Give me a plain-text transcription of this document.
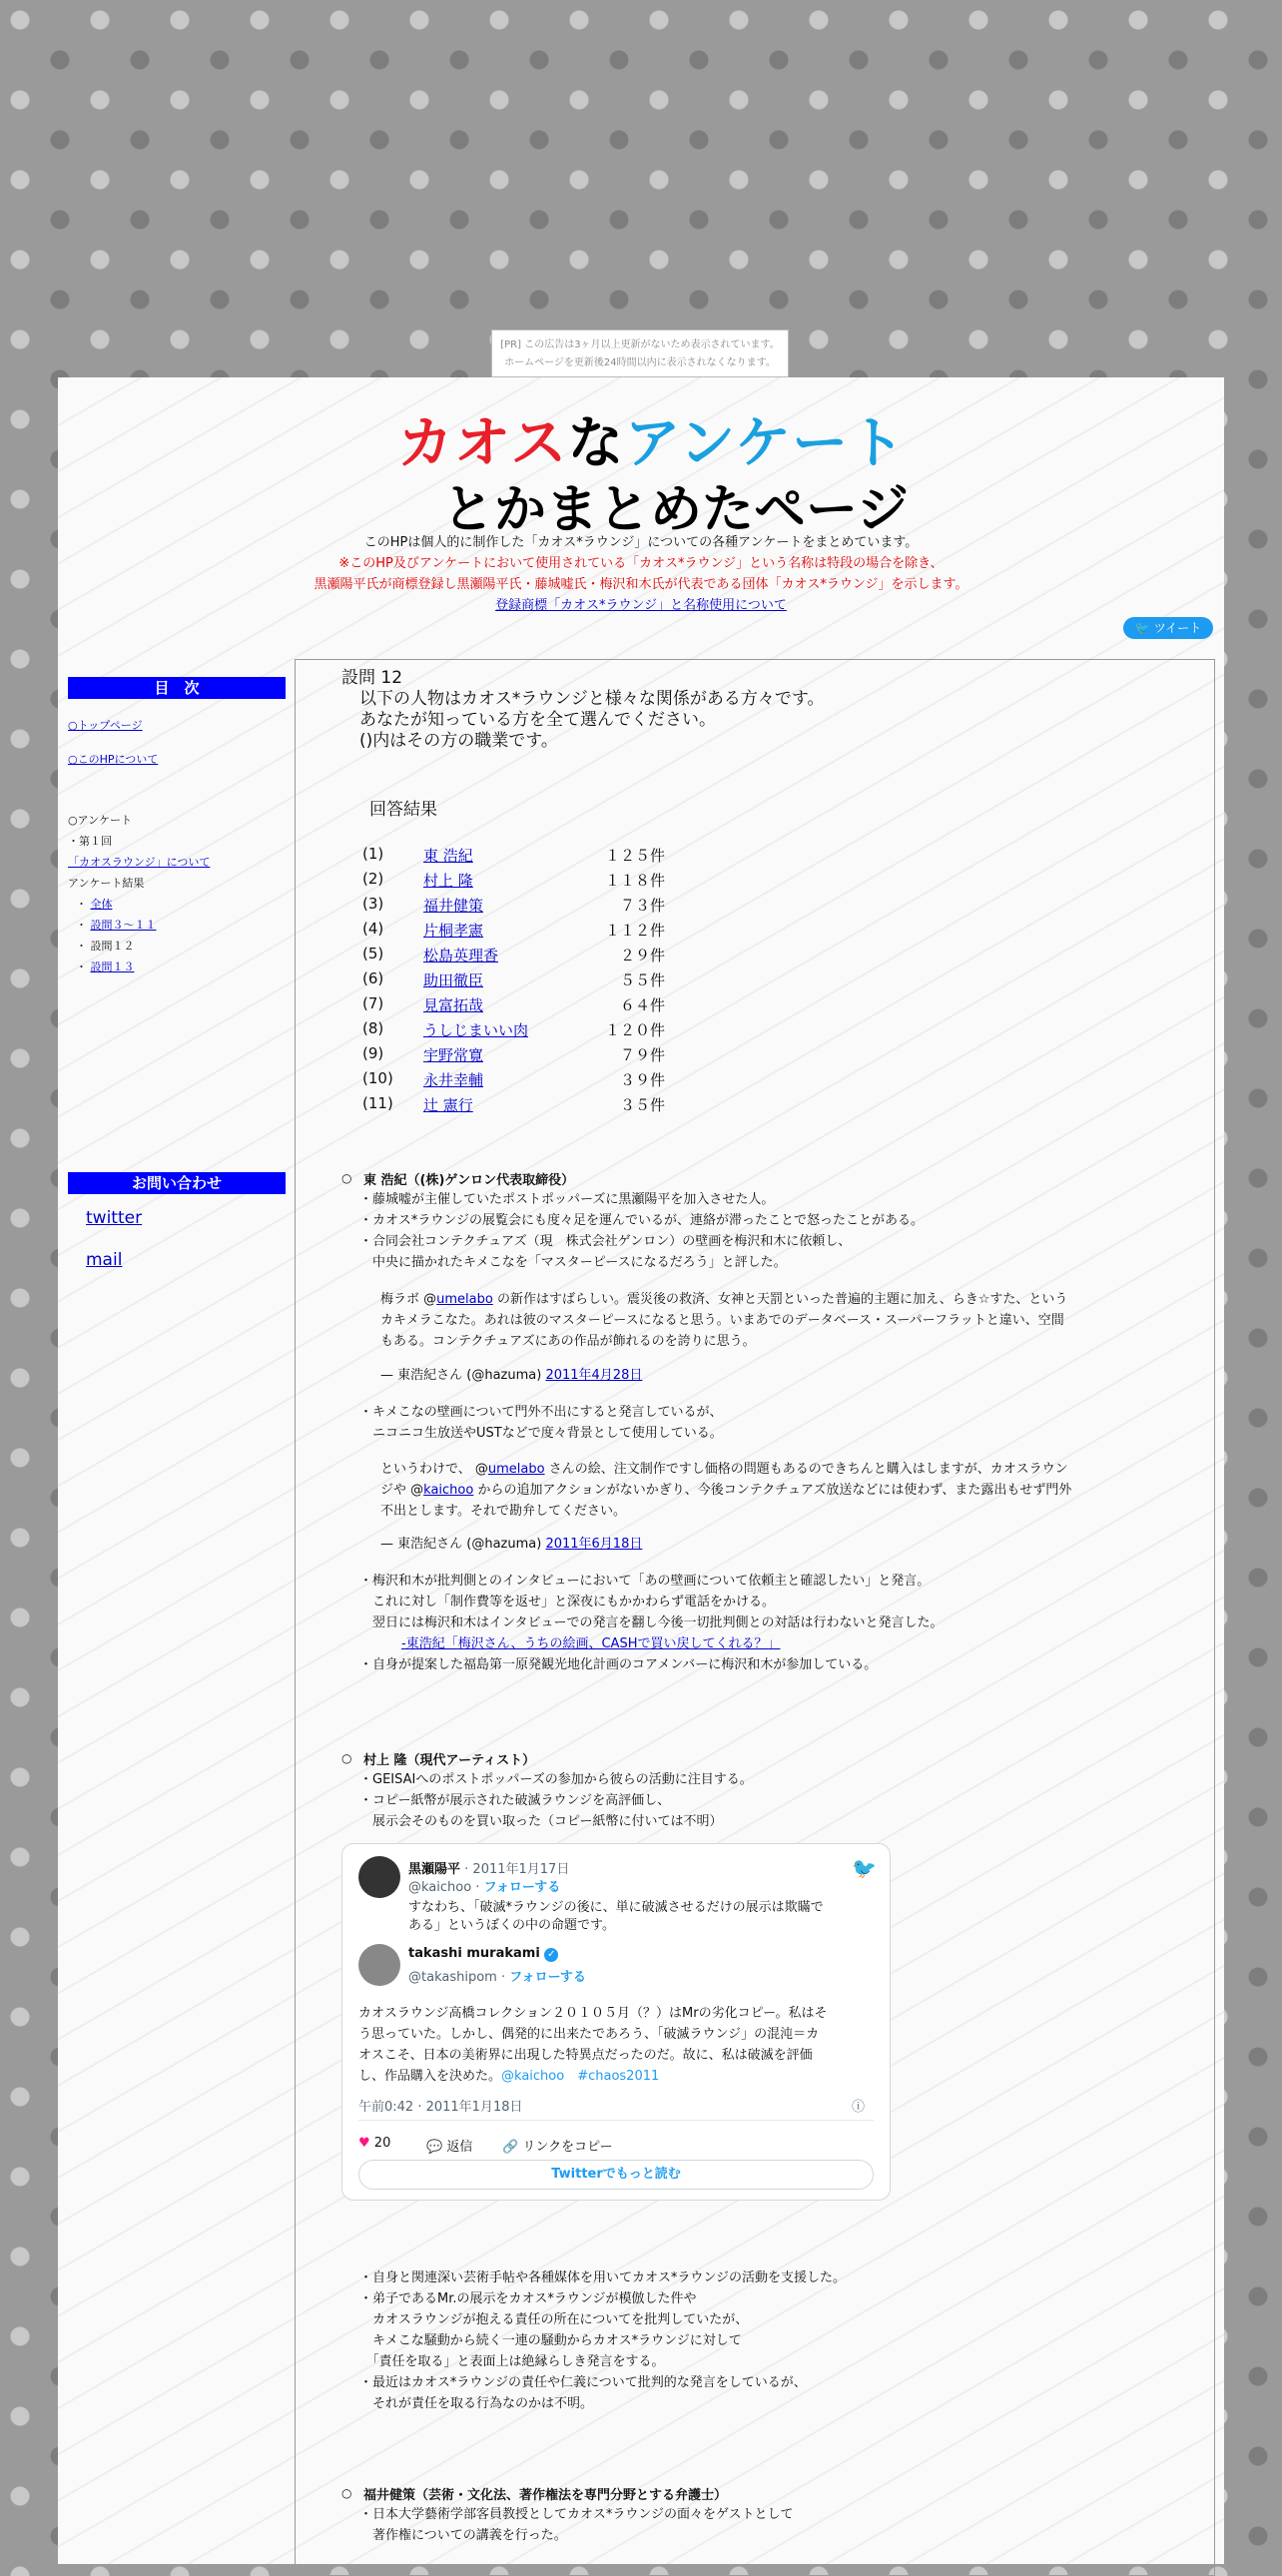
[PR] この広告は3ヶ月以上更新がないため表示されています。
ホームページを更新後24時間以内に表示されなくなります。
カオスなアンケート
とかまとめたページ
このHPは個人的に制作した「カオス*ラウンジ」についての各種アンケートをまとめています。
※このHP及びアンケートにおいて使用されている「カオス*ラウンジ」という名称は特段の場合を除き、
黒瀬陽平氏が商標登録し黒瀬陽平氏・藤城嘘氏・梅沢和木氏が代表である団体「カオス*ラウンジ」を示します。
登録商標「カオス*ラウンジ」と名称使用について
🐦 ツイート
目　次
○トップページ
○このHPについて
○アンケート
・第１回
「カオスラウンジ」について
アンケート結果
・ 全体
・ 設問３～１１
・ 設問１２
・ 設問１３
お問い合わせ
twitter
mail
設問 12
以下の人物はカオス*ラウンジと様々な関係がある方々です。
あなたが知っている方を全て選んでください。
()内はその方の職業です。
回答結果
(1)	東 浩紀	１２５件
(2)	村上 隆	１１８件
(3)	福井健策	７３件
(4)	片桐孝憲	１１２件
(5)	松島英理香	２９件
(6)	助田徹臣	５５件
(7)	見富拓哉	６４件
(8)	うしじまいい肉	１２０件
(9)	宇野常寛	７９件
(10) 永井幸輔	３９件
(11) 辻 憲行	３５件
○ 東 浩紀（(株)ゲンロン代表取締役）
・藤城嘘が主催していたポストポッパーズに黒瀬陽平を加入させた人。
・カオス*ラウンジの展覧会にも度々足を運んでいるが、連絡が滞ったことで怒ったことがある。
・合同会社コンテクチュアズ（現　株式会社ゲンロン）の壁画を梅沢和木に依頼し、
　中央に描かれたキメこなを「マスターピースになるだろう」と評した。
梅ラボ @umelabo の新作はすばらしい。震災後の救済、女神と天罰といった普遍的主題に加え、らき☆すた、という
カキメラこなた。あれは彼のマスターピースになると思う。いまあでのデータベース・スーパーフラットと違い、空間
もある。コンテクチュアズにあの作品が飾れるのを誇りに思う。
— 東浩紀さん (@hazuma) 2011年4月28日
・キメこなの壁画について門外不出にすると発言しているが、
　ニコニコ生放送やUSTなどで度々背景として使用している。
というわけで、 @umelabo さんの絵、注文制作ですし価格の問題もあるのできちんと購入はしますが、カオスラウン
ジや @kaichoo からの追加アクションがないかぎり、今後コンテクチュアズ放送などには使わず、また露出もせず門外
不出とします。それで勘弁してください。
— 東浩紀さん (@hazuma) 2011年6月18日
・梅沢和木が批判側とのインタビューにおいて「あの壁画について依頼主と確認したい」と発言。
　これに対し「制作費等を返せ」と深夜にもかかわらず電話をかける。
　翌日には梅沢和木はインタビューでの発言を翻し今後一切批判側との対話は行わないと発言した。
-東浩紀「梅沢さん、うちの絵画、CASHで買い戻してくれる？」
・自身が提案した福島第一原発観光地化計画のコアメンバーに梅沢和木が参加している。
○ 村上 隆（現代アーティスト）
・GEISAIへのポストポッパーズの参加から彼らの活動に注目する。
・コピー紙幣が展示された破滅ラウンジを高評価し、
　展示会そのものを買い取った（コピー紙幣に付いては不明）
黒瀬陽平 · 2011年1月17日
@kaichoo · フォローする
すなわち、「破滅*ラウンジの後に、単に破滅させるだけの展示は欺瞞で
ある」というぼくの中の命題です。
🐦
takashi murakami ✓
@takashipom · フォローする
カオスラウンジ高橋コレクション２０１０５月（？）はMrの劣化コピー。私はそ
う思っていた。しかし、偶発的に出来たであろう、「破滅ラウンジ」の混沌＝カ
オスこそ、日本の美術界に出現した特異点だったのだ。故に、私は破滅を評価
し、作品購入を決めた。@kaichoo　 #chaos2011
午前0:42 · 2011年1月18日	ⓘ
♥ 20	💬 返信 🔗 リンクをコピー
Twitterでもっと読む
・自身と関連深い芸術手帖や各種媒体を用いてカオス*ラウンジの活動を支援した。
・弟子であるMr.の展示をカオス*ラウンジが模倣した件や
　カオスラウンジが抱える責任の所在についてを批判していたが、
　キメこな騒動から続く一連の騒動からカオス*ラウンジに対して
　「責任を取る」と表面上は絶縁らしき発言をする。
・最近はカオス*ラウンジの責任や仁義について批判的な発言をしているが、
　それが責任を取る行為なのかは不明。
○ 福井健策（芸術・文化法、著作権法を専門分野とする弁護士）
・日本大学藝術学部客員教授としてカオス*ラウンジの面々をゲストとして
　著作権についての講義を行った。
